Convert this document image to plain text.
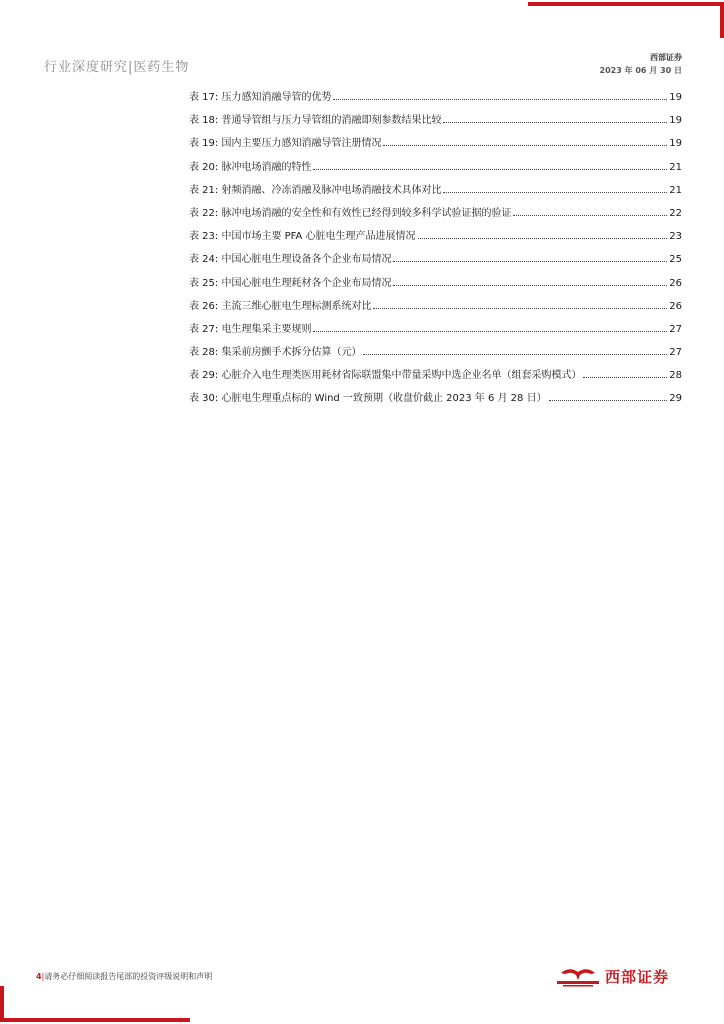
行业深度研究|医药生物
西部证券
2023 年 06 月 30 日
表 17: 压力感知消融导管的优势	19
表 18: 普通导管组与压力导管组的消融即刻参数结果比较	19
表 19: 国内主要压力感知消融导管注册情况	19
表 20: 脉冲电场消融的特性	21
表 21: 射频消融、冷冻消融及脉冲电场消融技术具体对比	21
表 22: 脉冲电场消融的安全性和有效性已经得到较多科学试验证据的验证	22
表 23: 中国市场主要 PFA 心脏电生理产品进展情况	23
表 24: 中国心脏电生理设备各个企业布局情况	25
表 25: 中国心脏电生理耗材各个企业布局情况	26
表 26: 主流三维心脏电生理标测系统对比	26
表 27: 电生理集采主要规则	27
表 28: 集采前房颤手术拆分估算（元）	27
表 29: 心脏介入电生理类医用耗材省际联盟集中带量采购中选企业名单（组套采购模式）	28
表 30: 心脏电生理重点标的 Wind 一致预期（收盘价截止 2023 年 6 月 28 日）	29
4|请务必仔细阅读报告尾部的投资评级说明和声明	西部证券
